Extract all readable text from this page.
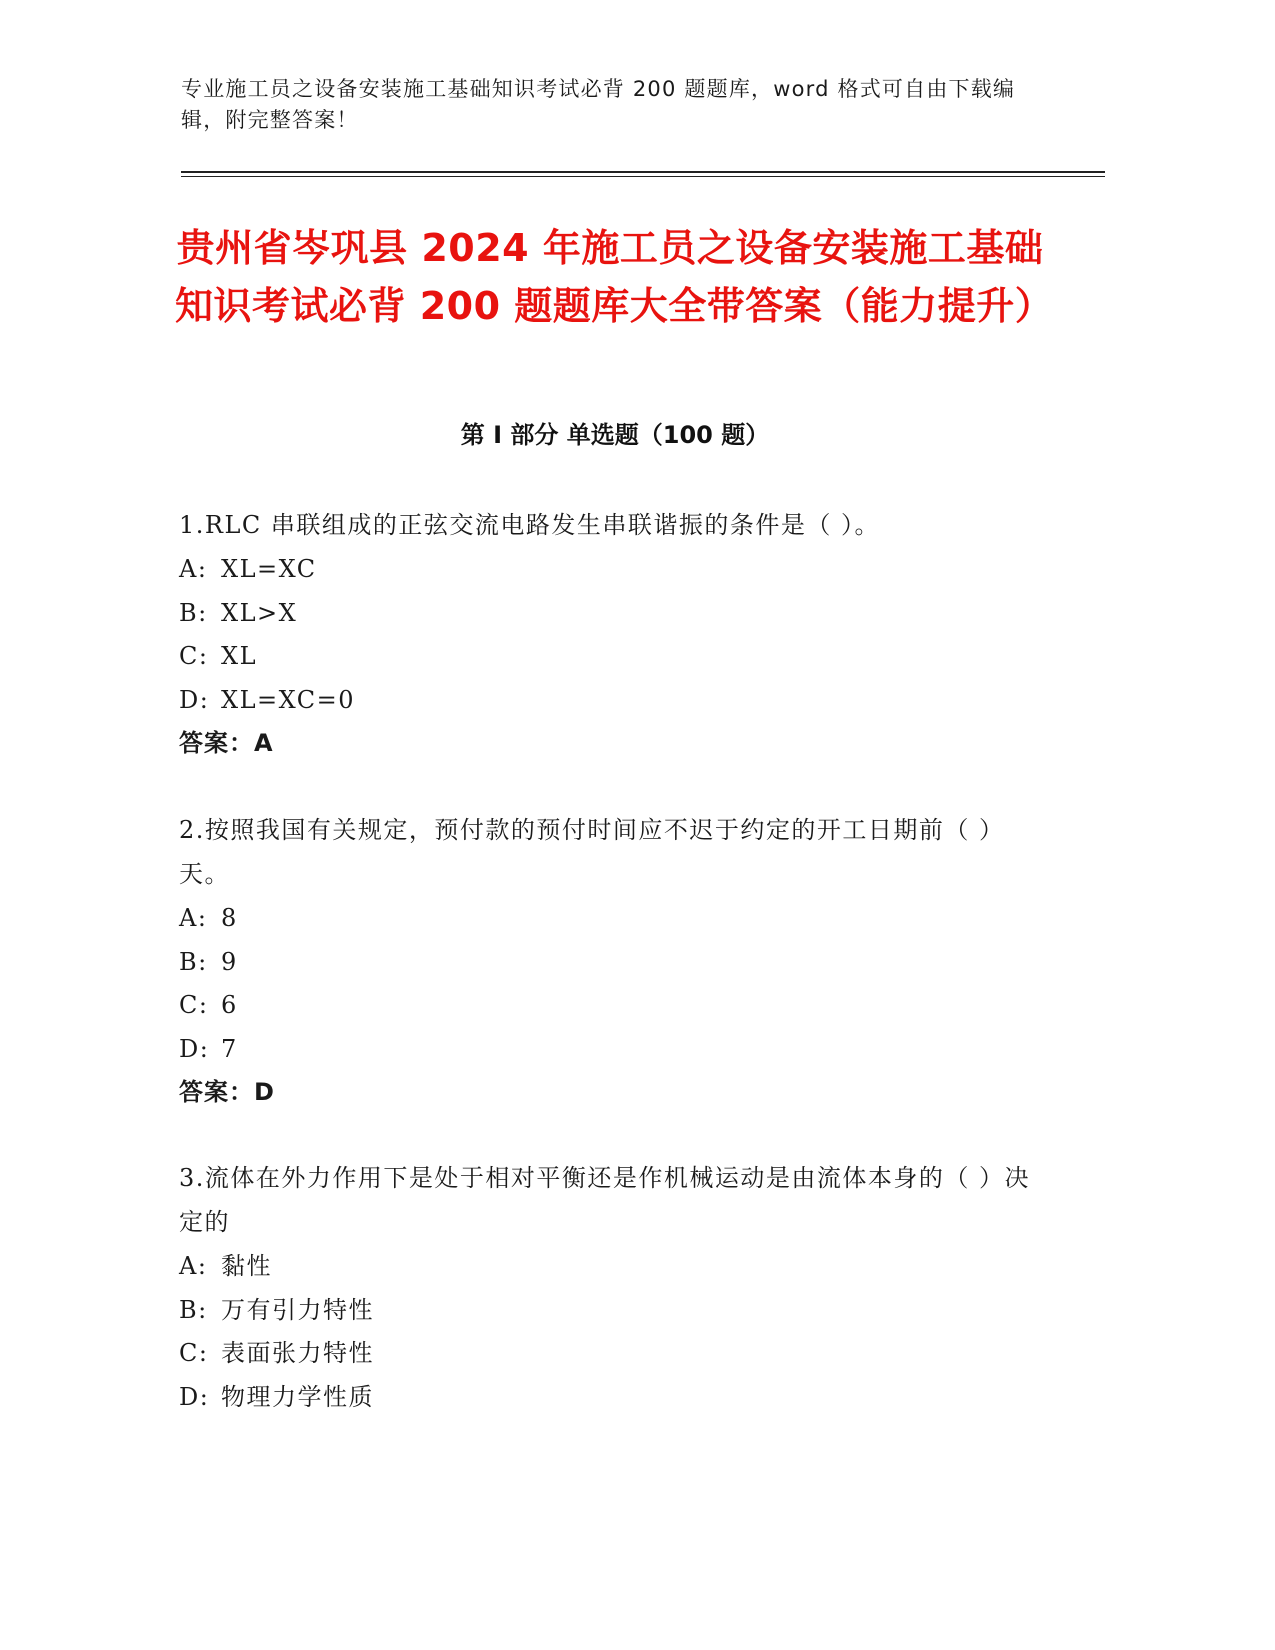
专业施工员之设备安装施工基础知识考试必背 200 题题库，word 格式可自由下载编辑，附完整答案！
贵州省岑巩县 2024 年施工员之设备安装施工基础知识考试必背 200 题题库大全带答案（能力提升）
第 I 部分 单选题（100 题）
1.RLC 串联组成的正弦交流电路发生串联谐振的条件是（ ）。
A: XL=XC
B: XL>X
C: XL
D: XL=XC=0
答案：A
2.按照我国有关规定，预付款的预付时间应不迟于约定的开工日期前（ ）天。
A: 8
B: 9
C: 6
D: 7
答案：D
3.流体在外力作用下是处于相对平衡还是作机械运动是由流体本身的（ ）决定的
A: 黏性
B: 万有引力特性
C: 表面张力特性
D: 物理力学性质
